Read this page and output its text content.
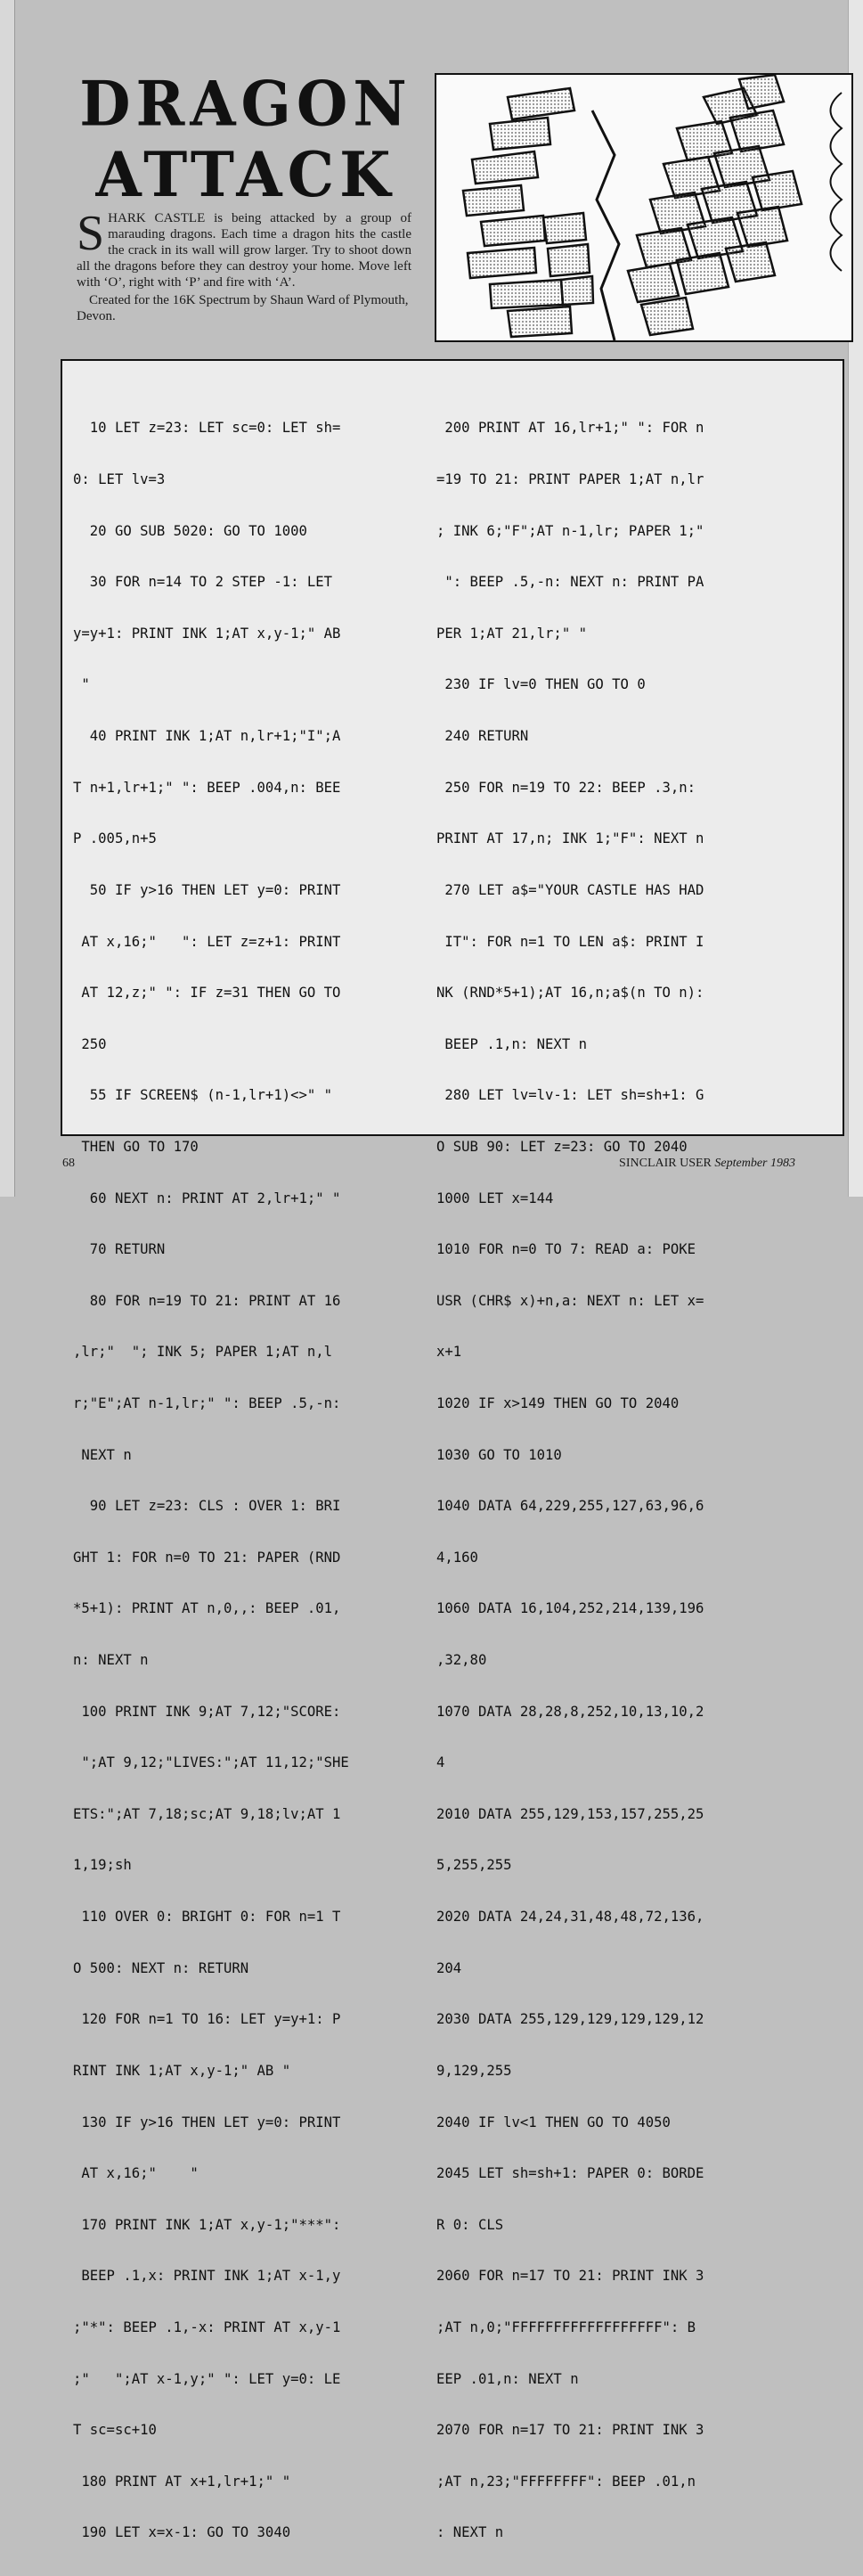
DRAGON
ATTACK

SHARK CASTLE is being attacked by a group of marauding dragons. Each time a dragon hits the castle the crack in its wall will grow larger. Try to shoot down all the dragons before they can destroy your home. Move left with ‘O’, right with ‘P’ and fire with ‘A’.

Created for the 16K Spectrum by Shaun Ward of Plymouth, Devon.

10 LET z=23: LET sc=0: LET sh=

0: LET lv=3

20 GO SUB 5020: GO TO 1000

30 FOR n=14 TO 2 STEP -1: LET

y=y+1: PRINT INK 1;AT x,y-1;" AB

"

40 PRINT INK 1;AT n,lr+1;"I";A

T n+1,lr+1;" ": BEEP .004,n: BEE

P .005,n+5

50 IF y>16 THEN LET y=0: PRINT

AT x,16;"   ": LET z=z+1: PRINT

AT 12,z;" ": IF z=31 THEN GO TO

250

55 IF SCREEN$ (n-1,lr+1)<>" "

THEN GO TO 170

60 NEXT n: PRINT AT 2,lr+1;" "

70 RETURN

80 FOR n=19 TO 21: PRINT AT 16

,lr;"  "; INK 5; PAPER 1;AT n,l

r;"E";AT n-1,lr;" ": BEEP .5,-n:

NEXT n

90 LET z=23: CLS : OVER 1: BRI

GHT 1: FOR n=0 TO 21: PAPER (RND

*5+1): PRINT AT n,0,,: BEEP .01,

n: NEXT n

100 PRINT INK 9;AT 7,12;"SCORE:

";AT 9,12;"LIVES:";AT 11,12;"SHE

ETS:";AT 7,18;sc;AT 9,18;lv;AT 1

1,19;sh

110 OVER 0: BRIGHT 0: FOR n=1 T

O 500: NEXT n: RETURN

120 FOR n=1 TO 16: LET y=y+1: P

RINT INK 1;AT x,y-1;" AB "

130 IF y>16 THEN LET y=0: PRINT

AT x,16;"    "

170 PRINT INK 1;AT x,y-1;"***":

BEEP .1,x: PRINT INK 1;AT x-1,y

;"*": BEEP .1,-x: PRINT AT x,y-1

;"   ";AT x-1,y;" ": LET y=0: LE

T sc=sc+10

180 PRINT AT x+1,lr+1;" "

190 LET x=x-1: GO TO 3040

200 PRINT AT 16,lr+1;" ": FOR n

=19 TO 21: PRINT PAPER 1;AT n,lr

; INK 6;"F";AT n-1,lr; PAPER 1;"

": BEEP .5,-n: NEXT n: PRINT PA

PER 1;AT 21,lr;" "

230 IF lv=0 THEN GO TO 0

240 RETURN

250 FOR n=19 TO 22: BEEP .3,n:

PRINT AT 17,n; INK 1;"F": NEXT n

270 LET a$="YOUR CASTLE HAS HAD

IT": FOR n=1 TO LEN a$: PRINT I

NK (RND*5+1);AT 16,n;a$(n TO n):

BEEP .1,n: NEXT n

280 LET lv=lv-1: LET sh=sh+1: G

O SUB 90: LET z=23: GO TO 2040

1000 LET x=144

1010 FOR n=0 TO 7: READ a: POKE

USR (CHR$ x)+n,a: NEXT n: LET x=

x+1

1020 IF x>149 THEN GO TO 2040

1030 GO TO 1010

1040 DATA 64,229,255,127,63,96,6

4,160

1060 DATA 16,104,252,214,139,196

,32,80

1070 DATA 28,28,8,252,10,13,10,2

4

2010 DATA 255,129,153,157,255,25

5,255,255

2020 DATA 24,24,31,48,48,72,136,

204

2030 DATA 255,129,129,129,129,12

9,129,255

2040 IF lv<1 THEN GO TO 4050

2045 LET sh=sh+1: PAPER 0: BORDE

R 0: CLS

2060 FOR n=17 TO 21: PRINT INK 3

;AT n,0;"FFFFFFFFFFFFFFFFFF": B

EEP .01,n: NEXT n

2070 FOR n=17 TO 21: PRINT INK 3

;AT n,23;"FFFFFFFF": BEEP .01,n

: NEXT n

68	SINCLAIR USER September 1983
